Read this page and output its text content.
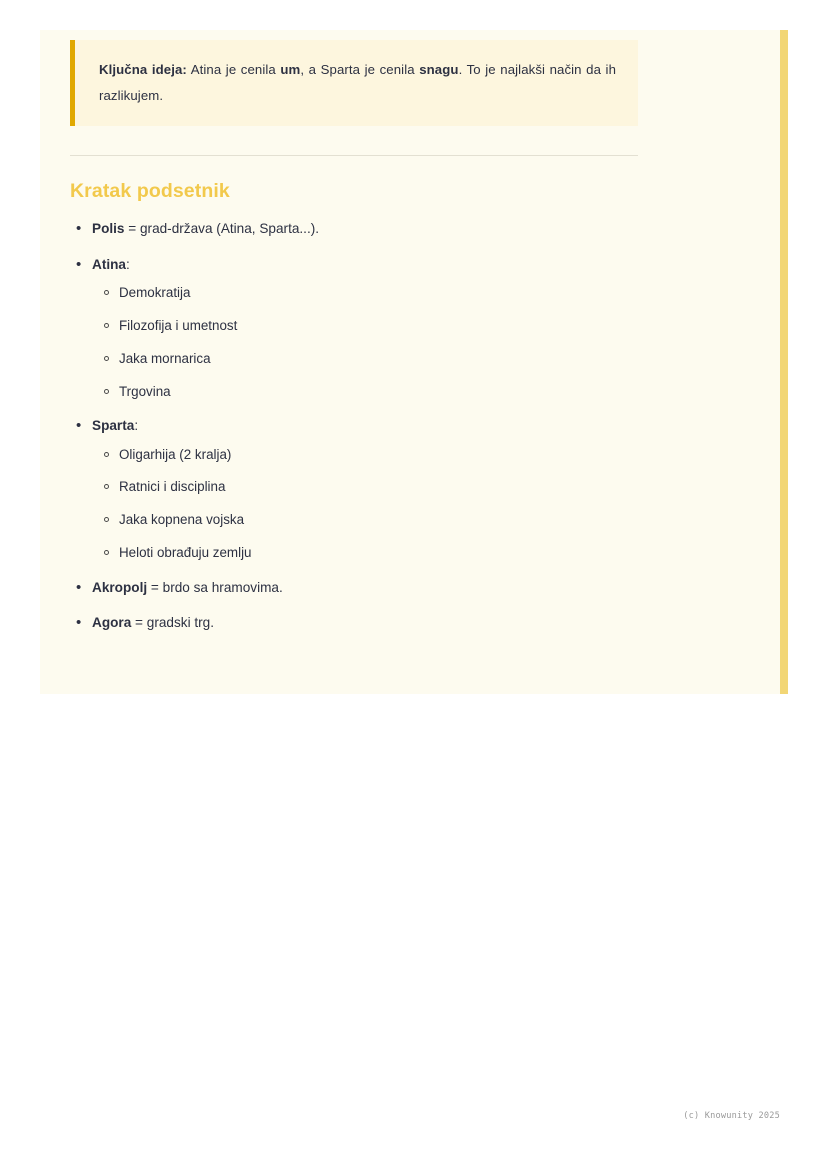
Ključna ideja: Atina je cenila um, a Sparta je cenila snagu. To je najlakši način da ih razlikujem.

Kratak podsetnik
• Polis = grad-država (Atina, Sparta...).
• Atina:
Demokratija
Filozofija i umetnost
Jaka mornarica
Trgovina
• Sparta:
Oligarhija (2 kralja)
Ratnici i disciplina
Jaka kopnena vojska
Heloti obrađuju zemlju
• Akropolj = brdo sa hramovima.
• Agora = gradski trg.
(c) Knowunity 2025
